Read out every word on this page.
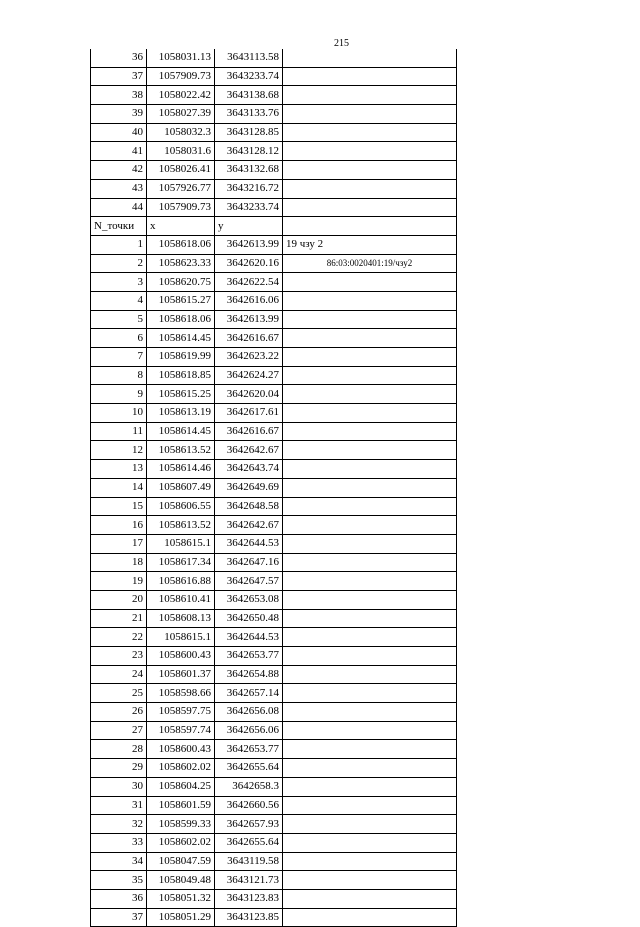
215
36	1058031.13	3643113.58	
37	1057909.73	3643233.74	
38	1058022.42	3643138.68	
39	1058027.39	3643133.76	
40	1058032.3	3643128.85	
41	1058031.6	3643128.12	
42	1058026.41	3643132.68	
43	1057926.77	3643216.72	
44	1057909.73	3643233.74	
N_точки	x	y	
1	1058618.06	3642613.99	19 чзу 2
2	1058623.33	3642620.16	86:03:0020401:19/чзу2
3	1058620.75	3642622.54	
4	1058615.27	3642616.06	
5	1058618.06	3642613.99	
6	1058614.45	3642616.67	
7	1058619.99	3642623.22	
8	1058618.85	3642624.27	
9	1058615.25	3642620.04	
10	1058613.19	3642617.61	
11	1058614.45	3642616.67	
12	1058613.52	3642642.67	
13	1058614.46	3642643.74	
14	1058607.49	3642649.69	
15	1058606.55	3642648.58	
16	1058613.52	3642642.67	
17	1058615.1	3642644.53	
18	1058617.34	3642647.16	
19	1058616.88	3642647.57	
20	1058610.41	3642653.08	
21	1058608.13	3642650.48	
22	1058615.1	3642644.53	
23	1058600.43	3642653.77	
24	1058601.37	3642654.88	
25	1058598.66	3642657.14	
26	1058597.75	3642656.08	
27	1058597.74	3642656.06	
28	1058600.43	3642653.77	
29	1058602.02	3642655.64	
30	1058604.25	3642658.3	
31	1058601.59	3642660.56	
32	1058599.33	3642657.93	
33	1058602.02	3642655.64	
34	1058047.59	3643119.58	
35	1058049.48	3643121.73	
36	1058051.32	3643123.83	
37	1058051.29	3643123.85	
